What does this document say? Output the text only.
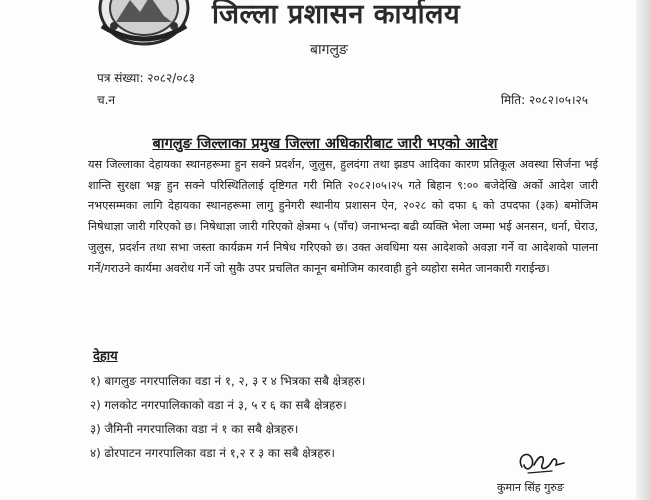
जिल्ला प्रशासन कार्यालय
बागलुङ
पत्र संख्या: २०८२/०८३
च.न	मिति: २०८२।०५।२५
बागलुङ जिल्लाका प्रमुख जिल्ला अधिकारीबाट जारी भएको आदेश
यस जिल्लाका देहायका स्थानहरूमा हुन सक्ने प्रदर्शन, जुलुस, हुलदंगा तथा झडप आदिका कारण प्रतिकूल अवस्था सिर्जना भई शान्ति सुरक्षा भङ्ग हुन सक्ने परिस्थितिलाई दृष्टिगत गरी मिति २०८२।०५।२५ गते बिहान ९:०० बजेदेखि अर्को आदेश जारी नभएसम्मका लागि देहायका स्थानहरूमा लागु हुनेगरी स्थानीय प्रशासन ऐन, २०२८ को दफा ६ को उपदफा (३क) बमोजिम निषेधाज्ञा जारी गरिएको छ। निषेधाज्ञा जारी गरिएको क्षेत्रमा ५ (पाँच) जनाभन्दा बढी व्यक्ति भेला जम्मा भई अनसन, धर्ना, घेराउ, जुलुस, प्रदर्शन तथा सभा जस्ता कार्यक्रम गर्न निषेध गरिएको छ। उक्त अवधिमा यस आदेशको अवज्ञा गर्ने वा आदेशको पालना गर्ने/गराउने कार्यमा अवरोध गर्ने जो सुकै उपर प्रचलित कानून बमोजिम कारवाही हुने व्यहोरा समेत जानकारी गराईन्छ।
देहाय
१) बागलुङ नगरपालिका वडा नं १, २, ३ र ४ भित्रका सबै क्षेत्रहरु।
२) गलकोट नगरपालिकाको वडा नं ३, ५ र ६ का सबै क्षेत्रहरु।
३) जैमिनी नगरपालिका वडा नं १ का सबै क्षेत्रहरु।
४) ढोरपाटन नगरपालिका वडा नं १,२ र ३ का सबै क्षेत्रहरु।
कुमान सिंह गुरुङ
